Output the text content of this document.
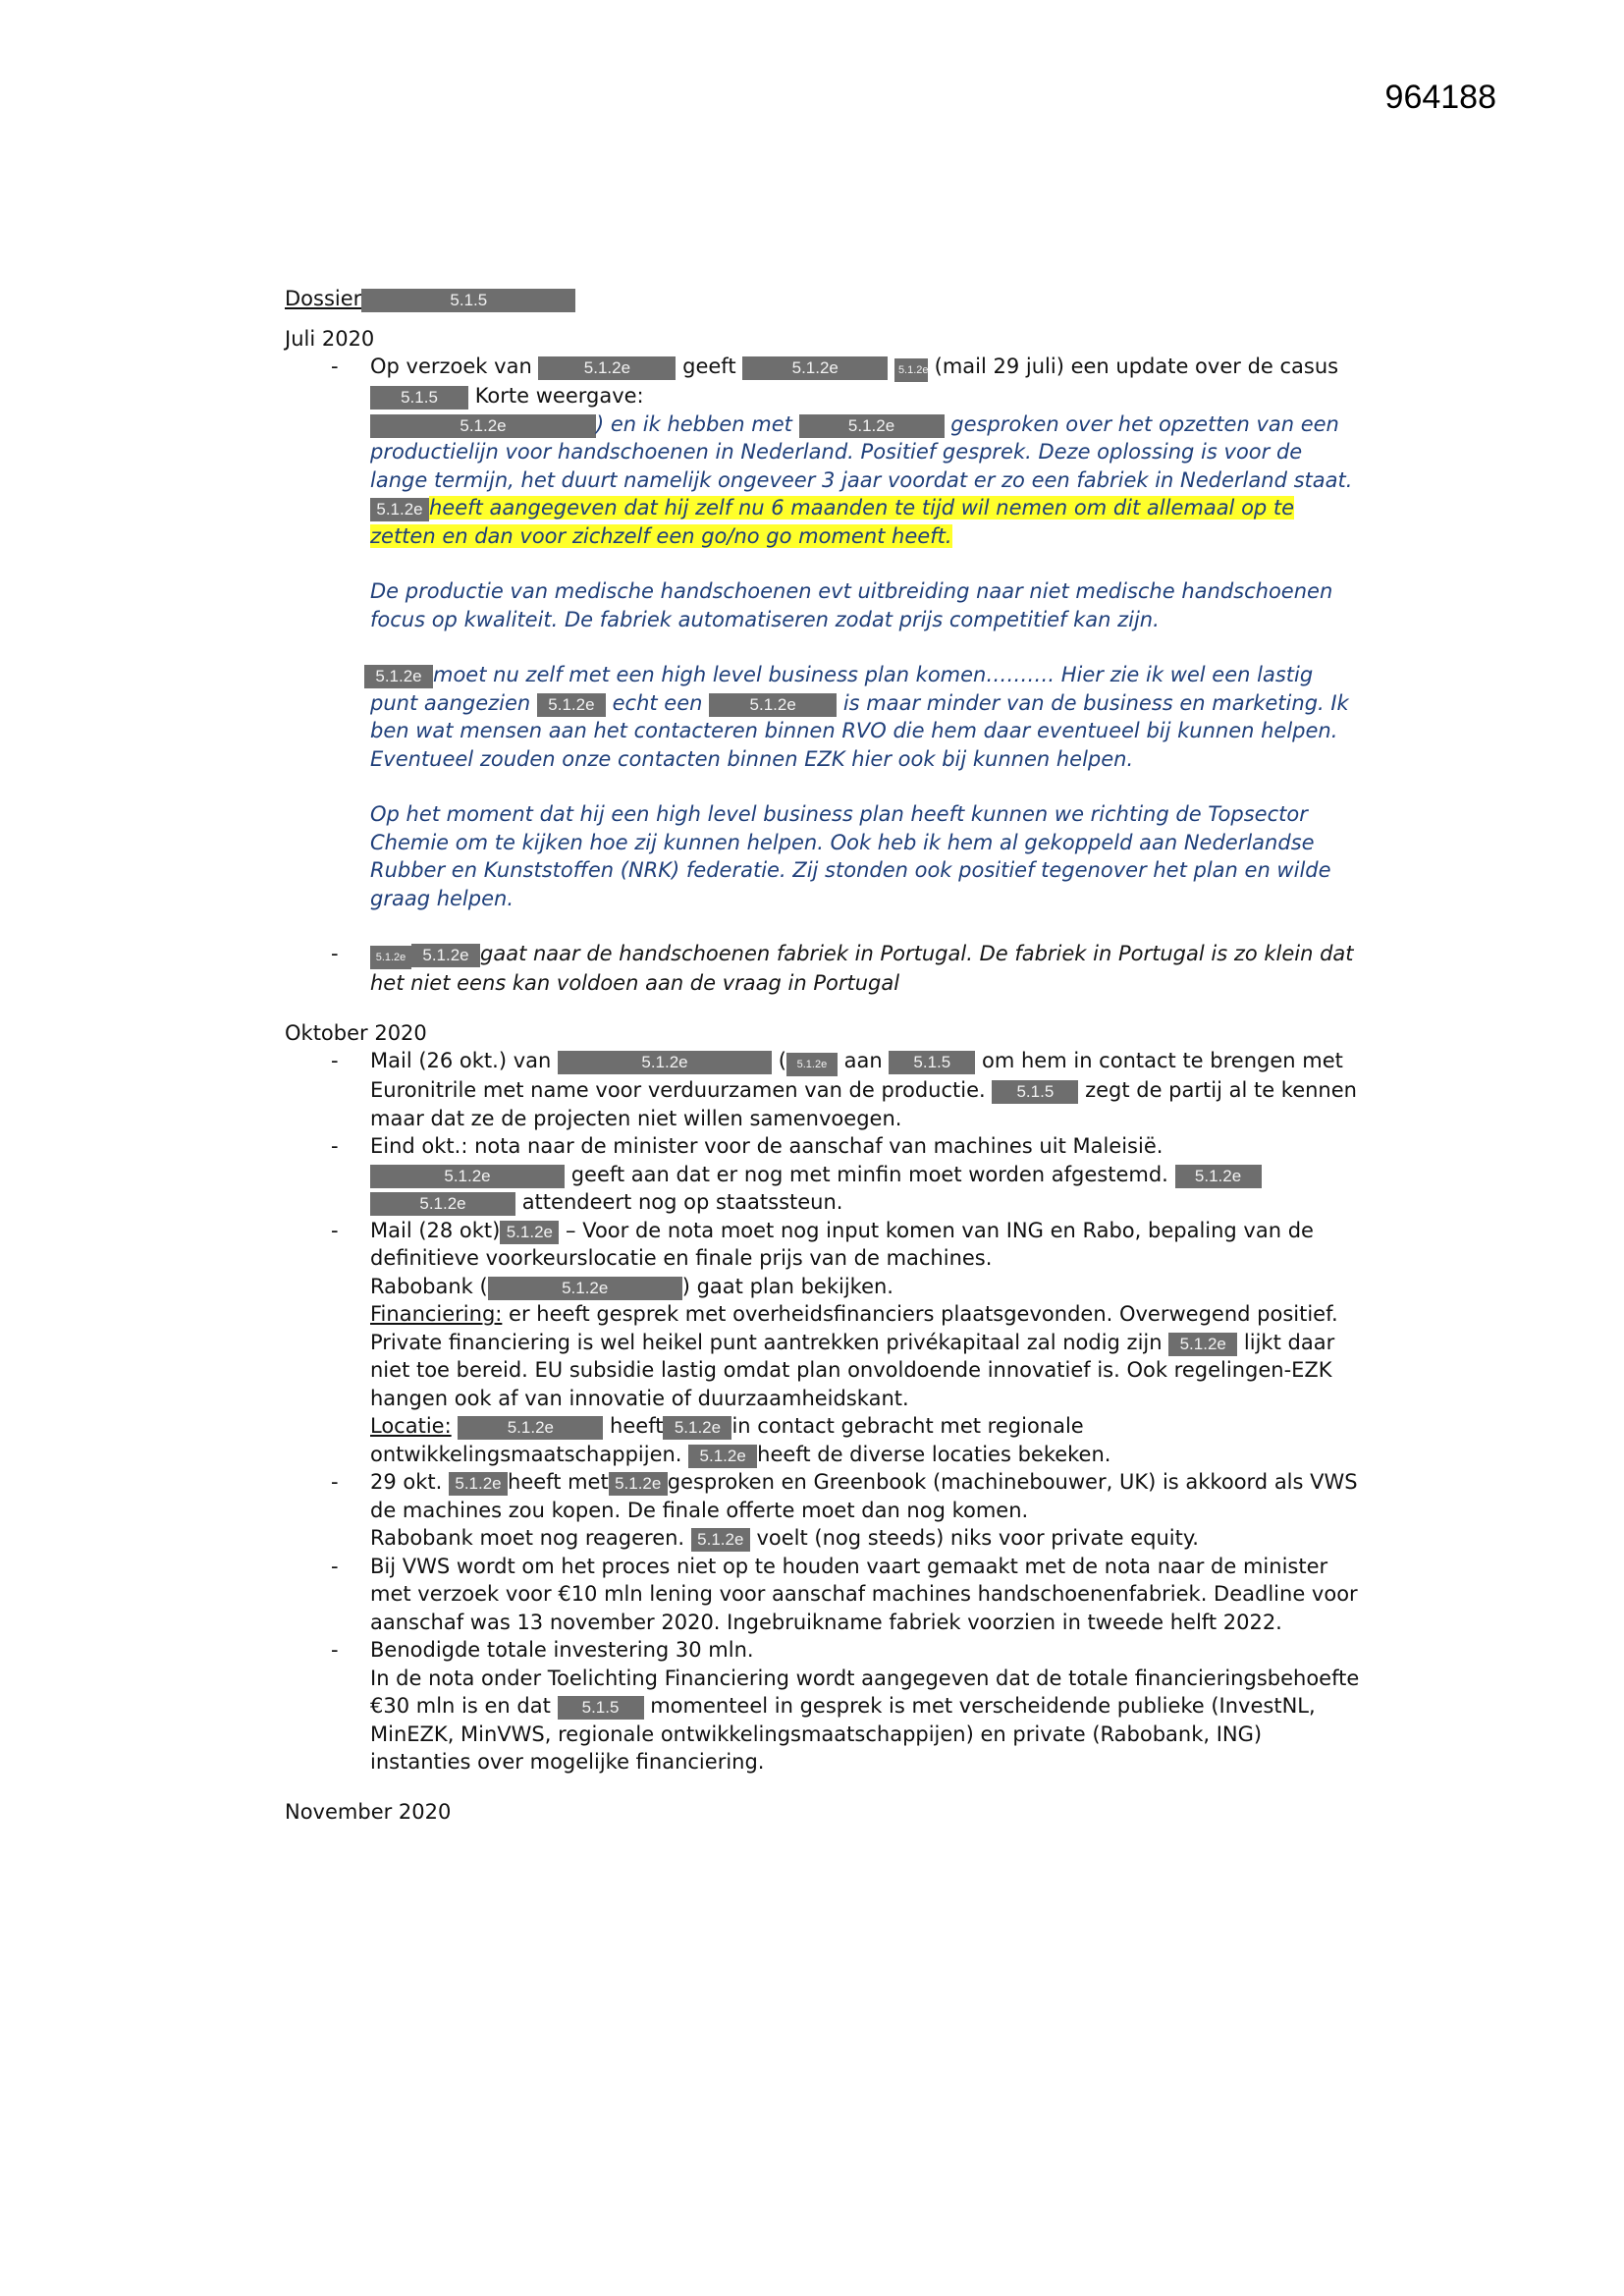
964188

Dossier	5.1.5

Juli 2020

- Op verzoek van	5.1.2e	geeft	5.1.2e	5.1.2e (mail 29 juli) een update over de casus5.1.5 Korte weergave:
5.1.2e	) en ik hebben met	5.1.2e	gesproken over het opzetten van een productielijn voor handschoenen in Nederland. Positief gesprek. Deze oplossing is voor de lange termijn, het duurt namelijk ongeveer 3 jaar voordat er zo een fabriek in Nederland staat. 5.1.2e heeft aangegeven dat hij zelf nu 6 maanden te tijd wil nemen om dit allemaal op te zetten en dan voor zichzelf een go/no go moment heeft.
De productie van medische handschoenen evt uitbreiding naar niet medische handschoenen focus op kwaliteit. De fabriek automatiseren zodat prijs competitief kan zijn.
5.1.2e moet nu zelf met een high level business plan komen………. Hier zie ik wel een lastig punt aangezien 5.1.2e echt een	5.1.2e is maar minder van de business en marketing. Ik ben wat mensen aan het contacteren binnen RVO die hem daar eventueel bij kunnen helpen. Eventueel zouden onze contacten binnen EZK hier ook bij kunnen helpen.
Op het moment dat hij een high level business plan heeft kunnen we richting de Topsector Chemie om te kijken hoe zij kunnen helpen. Ook heb ik hem al gekoppeld aan Nederlandse Rubber en Kunststoffen (NRK) federatie. Zij stonden ook positief tegenover het plan en wilde graag helpen.
- 5.1.2e 5.1.2e gaat naar de handschoenen fabriek in Portugal. De fabriek in Portugal is zo klein dat het niet eens kan voldoen aan de vraag in Portugal

Oktober 2020

- Mail (26 okt.) van	5.1.2e	( 5.1.2e aan 5.1.5 om hem in contact te brengen met Euronitrile met name voor verduurzamen van de productie. 5.1.5 zegt de partij al te kennen maar dat ze de projecten niet willen samenvoegen.
- Eind okt.: nota naar de minister voor de aanschaf van machines uit Maleisië.
5.1.2e	geeft aan dat er nog met minfin moet worden afgestemd. 5.1.2e
5.1.2e	attendeert nog op staatssteun.
- Mail (28 okt) 5.1.2e – Voor de nota moet nog input komen van ING en Rabo, bepaling van de definitieve voorkeurslocatie en finale prijs van de machines.
Rabobank (	5.1.2e	) gaat plan bekijken.
Financiering: er heeft gesprek met overheidsfinanciers plaatsgevonden. Overwegend positief. Private financiering is wel heikel punt aantrekken privékapitaal zal nodig zijn 5.1.2e lijkt daar niet toe bereid. EU subsidie lastig omdat plan onvoldoende innovatief is. Ook regelingen-EZK hangen ook af van innovatie of duurzaamheidskant.
Locatie:	5.1.2e	heeft 5.1.2e in contact gebracht met regionale ontwikkelingsmaatschappijen. 5.1.2e heeft de diverse locaties bekeken.
- 29 okt. 5.1.2e heeft met 5.1.2e gesproken en Greenbook (machinebouwer, UK) is akkoord als VWS de machines zou kopen. De finale offerte moet dan nog komen.
Rabobank moet nog reageren. 5.1.2e voelt (nog steeds) niks voor private equity.
- Bij VWS wordt om het proces niet op te houden vaart gemaakt met de nota naar de minister met verzoek voor €10 mln lening voor aanschaf machines handschoenenfabriek. Deadline voor aanschaf was 13 november 2020. Ingebruikname fabriek voorzien in tweede helft 2022.
- Benodigde totale investering 30 mln.
In de nota onder Toelichting Financiering wordt aangegeven dat de totale financieringsbehoefte €30 mln is en dat 5.1.5 momenteel in gesprek is met verscheidende publieke (InvestNL, MinEZK, MinVWS, regionale ontwikkelingsmaatschappijen) en private (Rabobank, ING) instanties over mogelijke financiering.

November 2020
